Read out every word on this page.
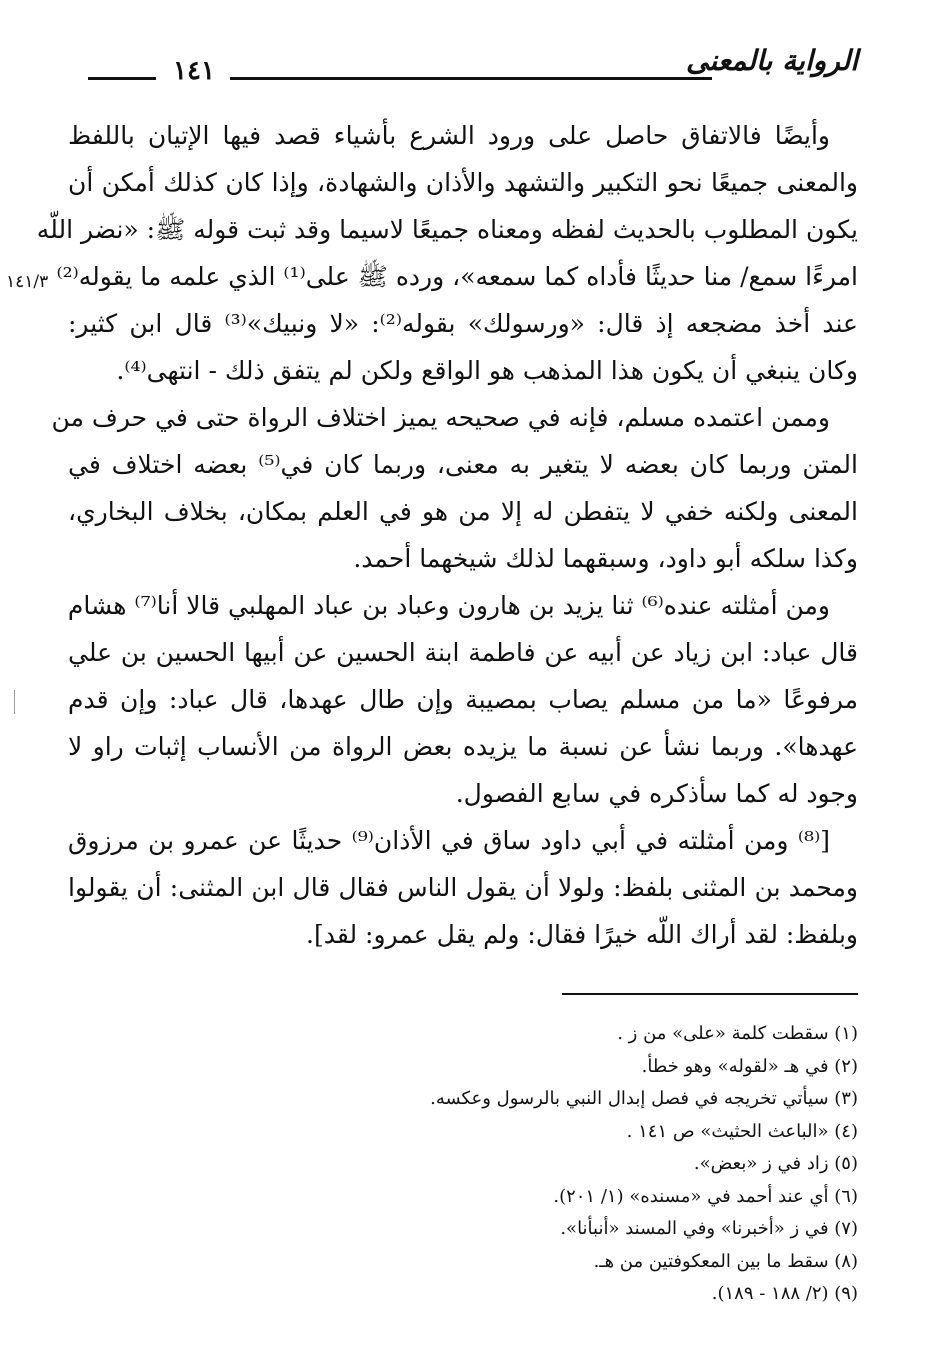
الرواية بالمعنى
١٤١
١٤١/٣
وأيضًا فالاتفاق حاصل على ورود الشرع بأشياء قصد فيها الإتيان باللفظ
والمعنى جميعًا نحو التكبير والتشهد والأذان والشهادة، وإذا كان كذلك أمكن أن
يكون المطلوب بالحديث لفظه ومعناه جميعًا لاسيما وقد ثبت قوله ﷺ: «نضر اللّه
امرءًا سمع/ منا حديثًا فأداه كما سمعه»، ورده ﷺ على⁽¹⁾ الذي علمه ما يقوله⁽²⁾
عند أخذ مضجعه إذ قال: «ورسولك» بقوله⁽²⁾: «لا ونبيك»⁽³⁾ قال ابن كثير:
وكان ينبغي أن يكون هذا المذهب هو الواقع ولكن لم يتفق ذلك - انتهى⁽⁴⁾.
وممن اعتمده مسلم، فإنه في صحيحه يميز اختلاف الرواة حتى في حرف من
المتن وربما كان بعضه لا يتغير به معنى، وربما كان في⁽⁵⁾ بعضه اختلاف في
المعنى ولكنه خفي لا يتفطن له إلا من هو في العلم بمكان، بخلاف البخاري،
وكذا سلكه أبو داود، وسبقهما لذلك شيخهما أحمد.
ومن أمثلته عنده⁽⁶⁾ ثنا يزيد بن هارون وعباد بن عباد المهلبي قالا أنا⁽⁷⁾ هشام
قال عباد: ابن زياد عن أبيه عن فاطمة ابنة الحسين عن أبيها الحسين بن علي
مرفوعًا «ما من مسلم يصاب بمصيبة وإن طال عهدها، قال عباد: وإن قدم
عهدها». وربما نشأ عن نسبة ما يزيده بعض الرواة من الأنساب إثبات راو لا
وجود له كما سأذكره في سابع الفصول.
[⁽⁸⁾ ومن أمثلته في أبي داود ساق في الأذان⁽⁹⁾ حديثًا عن عمرو بن مرزوق
ومحمد بن المثنى بلفظ: ولولا أن يقول الناس فقال قال ابن المثنى: أن يقولوا
وبلفظ: لقد أراك اللّه خيرًا فقال: ولم يقل عمرو: لقد].
(١) سقطت كلمة «على» من ز .
(٢) في هـ «لقوله» وهو خطأ.
(٣) سيأتي تخريجه في فصل إبدال النبي بالرسول وعكسه.
(٤) «الباعث الحثيث» ص ١٤١ .
(٥) زاد في ز «بعض».
(٦) أي عند أحمد في «مسنده» (١/ ٢٠١).
(٧) في ز «أخبرنا» وفي المسند «أنبأنا».
(٨) سقط ما بين المعكوفتين من هـ.
(٩) (٢/ ١٨٨ - ١٨٩).
